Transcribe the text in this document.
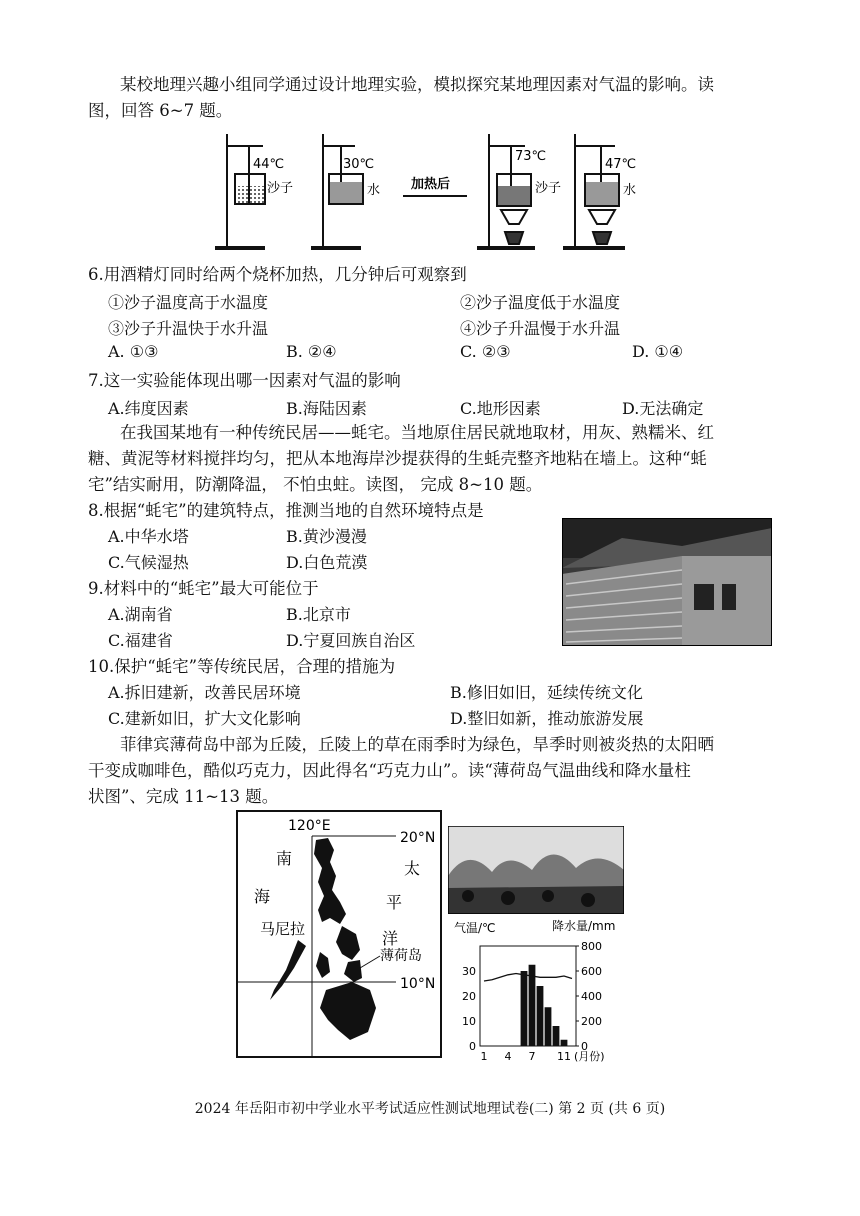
某校地理兴趣小组同学通过设计地理实验，模拟探究某地理因素对气温的影响。读
图，回答 6~7 题。
44℃
沙子
30℃
水 加热后
73℃
沙子
47℃
水
6.用酒精灯同时给两个烧杯加热，几分钟后可观察到
①沙子温度高于水温度	②沙子温度低于水温度
③沙子升温快于水升温	④沙子升温慢于水升温
A. ①③	B. ②④	C. ②③	D. ①④
7.这一实验能体现出哪一因素对气温的影响
A.纬度因素	B.海陆因素	C.地形因素	D.无法确定
在我国某地有一种传统民居——蚝宅。当地原住居民就地取材，用灰、熟糯米、红
糖、黄泥等材料搅拌均匀，把从本地海岸沙提获得的生蚝壳整齐地粘在墙上。这种“蚝
宅”结实耐用，防潮降温， 不怕虫蛀。读图， 完成 8~10 题。
8.根据“蚝宅”的建筑特点，推测当地的自然环境特点是
A.中华水塔	B.黄沙漫漫
C.气候湿热	D.白色荒漠
9.材料中的“蚝宅”最大可能位于
A.湖南省	B.北京市
C.福建省	D.宁夏回族自治区
10.保护“蚝宅”等传统民居，合理的措施为
A.拆旧建新，改善民居环境	B.修旧如旧，延续传统文化
C.建新如旧，扩大文化影响	D.整旧如新，推动旅游发展
菲律宾薄荷岛中部为丘陵，丘陵上的草在雨季时为绿色，旱季时则被炎热的太阳晒
干变成咖啡色，酷似巧克力，因此得名“巧克力山”。读“薄荷岛气温曲线和降水量柱
状图”、完成 11~13 题。
120°E
20°N
10°N
南
海
马尼拉
太
平
洋
薄荷岛
气温/℃	降水量/mm
0
10
20
30
0
200
400
600
800
1 4 7 11 (月份)
2024 年岳阳市初中学业水平考试适应性测试地理试卷(二) 第 2 页 (共 6 页)
